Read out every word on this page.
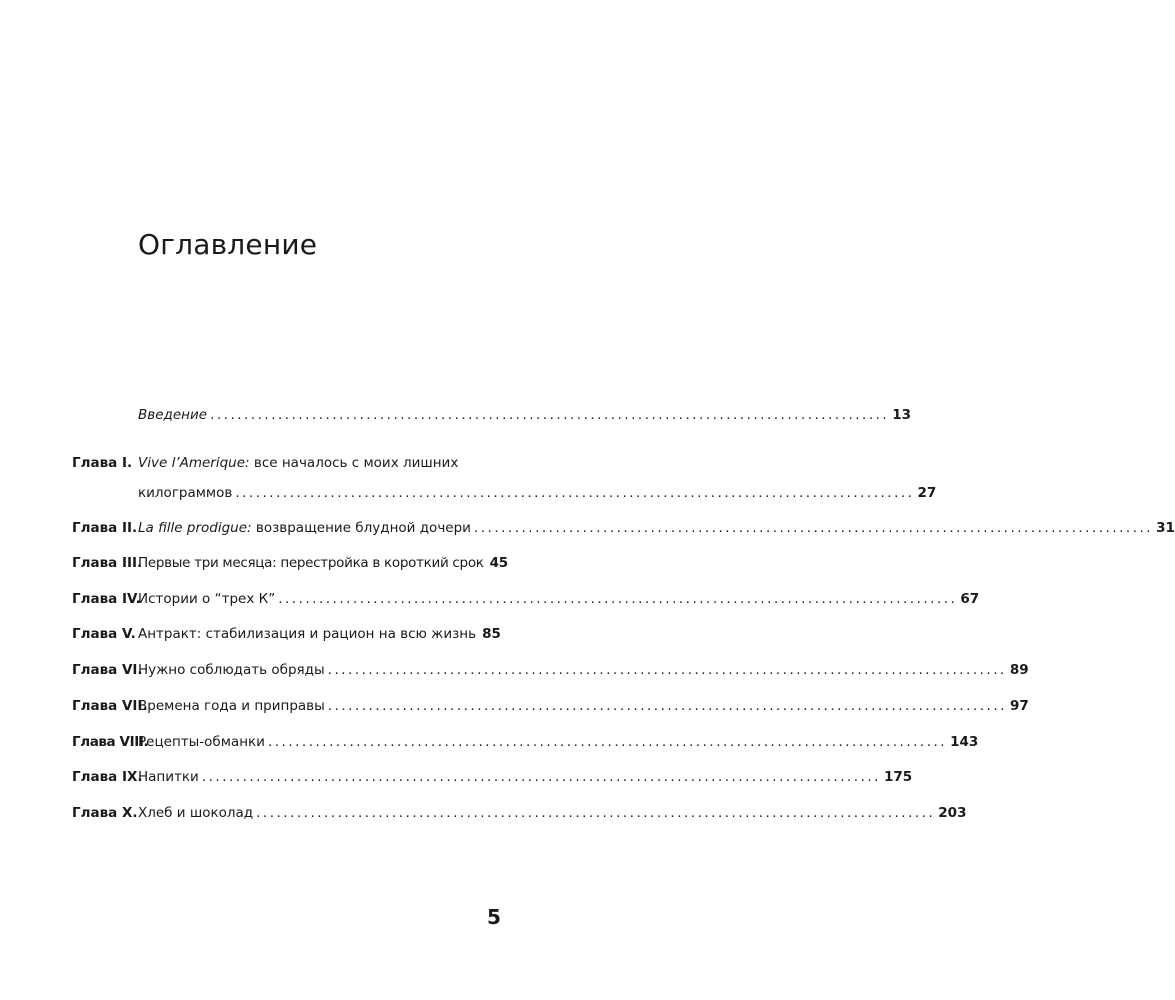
Оглавление
Введение .................................................................................................... 13
Глава I. Vive l’Amerique: все началось с моих лишних
килограммов .................................................................................................... 27
Глава II. La fille prodigue: возвращение блудной дочери .................................................................................................... 31
Глава III.
Первые три месяца: перестройка в короткий срок 45
Глава IV.
Истории о “трех К” .................................................................................................... 67
Глава V. Антракт: стабилизация и рацион на всю жизнь 85
Глава VI.
Нужно соблюдать обряды .................................................................................................... 89
Глава VII.
Времена года и приправы .................................................................................................... 97
Глава VIII.
Рецепты-обманки .................................................................................................... 143
Глава IX.
Напитки .................................................................................................... 175
Глава X. Хлеб и шоколад .................................................................................................... 203
5
